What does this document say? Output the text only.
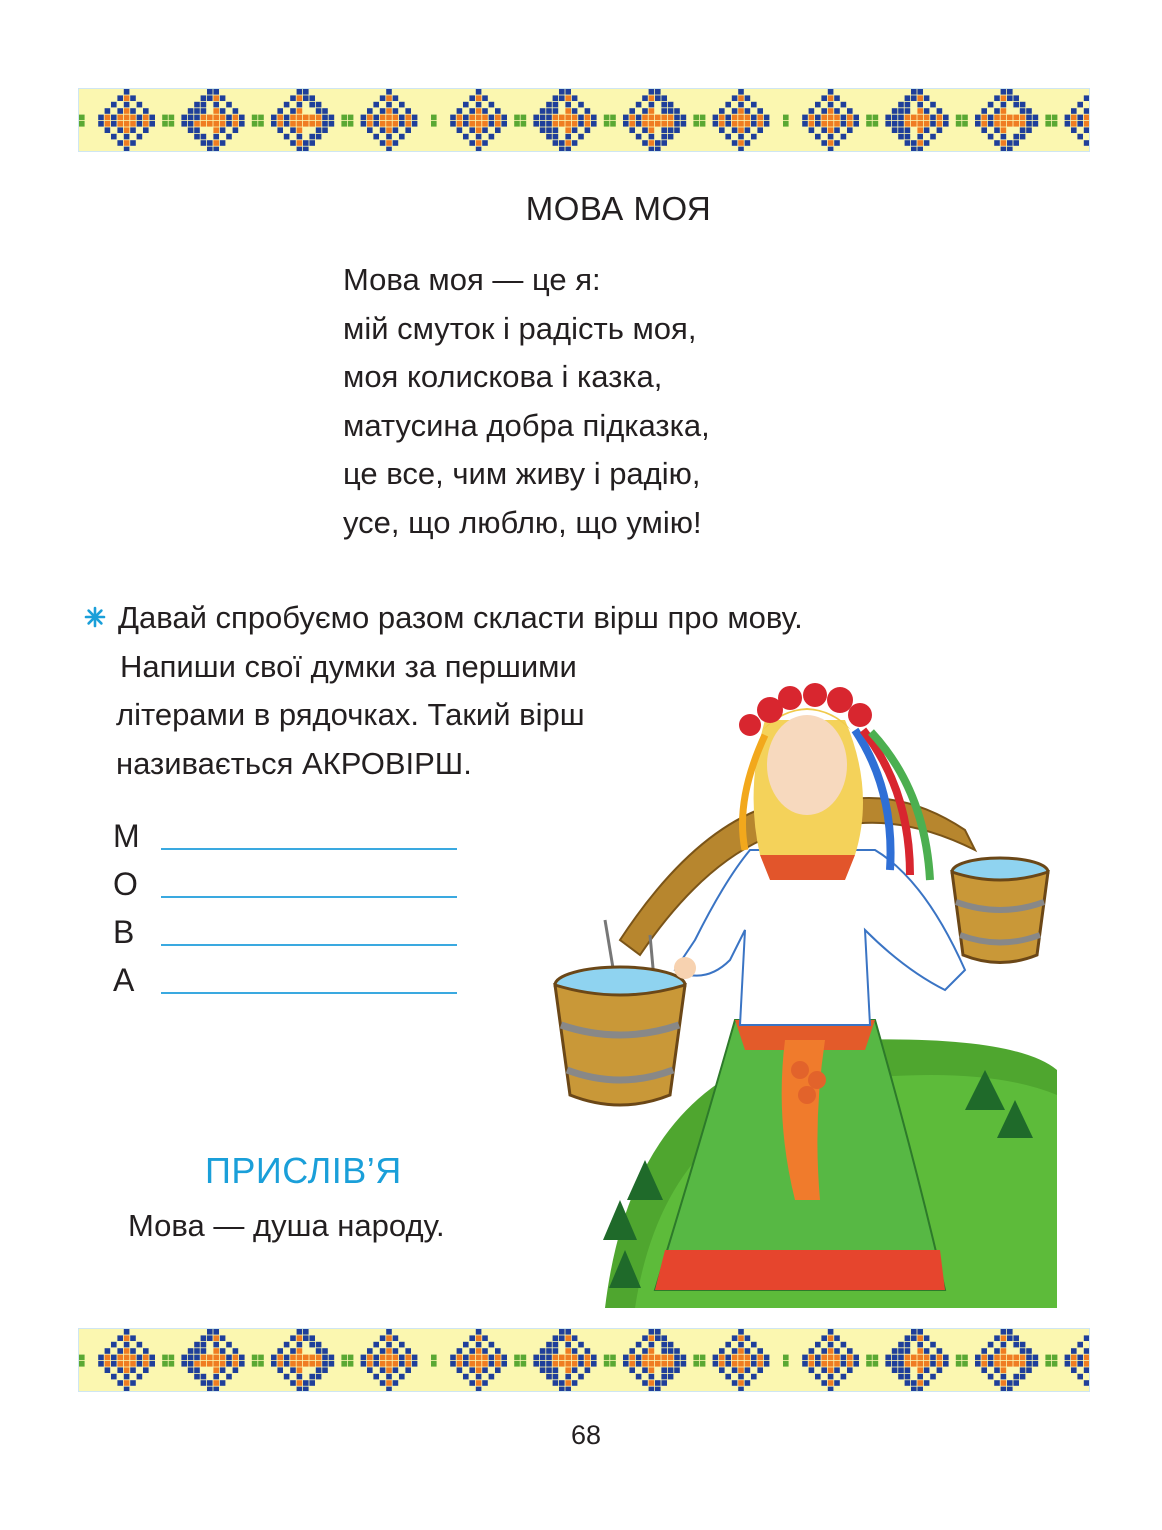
МОВА МОЯ
Мова моя — це я:
мій смуток і радість моя,
моя колискова і казка,
матусина добра підказка,
це все, чим живу і радію,
усе, що люблю, що умію!
Давай спробуємо разом скласти вірш про мову.
Напиши свої думки за першими
літерами в рядочках. Такий вірш
називається АКРОВІРШ.
М
О
В
А
ПРИСЛІВ’Я
Мова — душа народу.
68
